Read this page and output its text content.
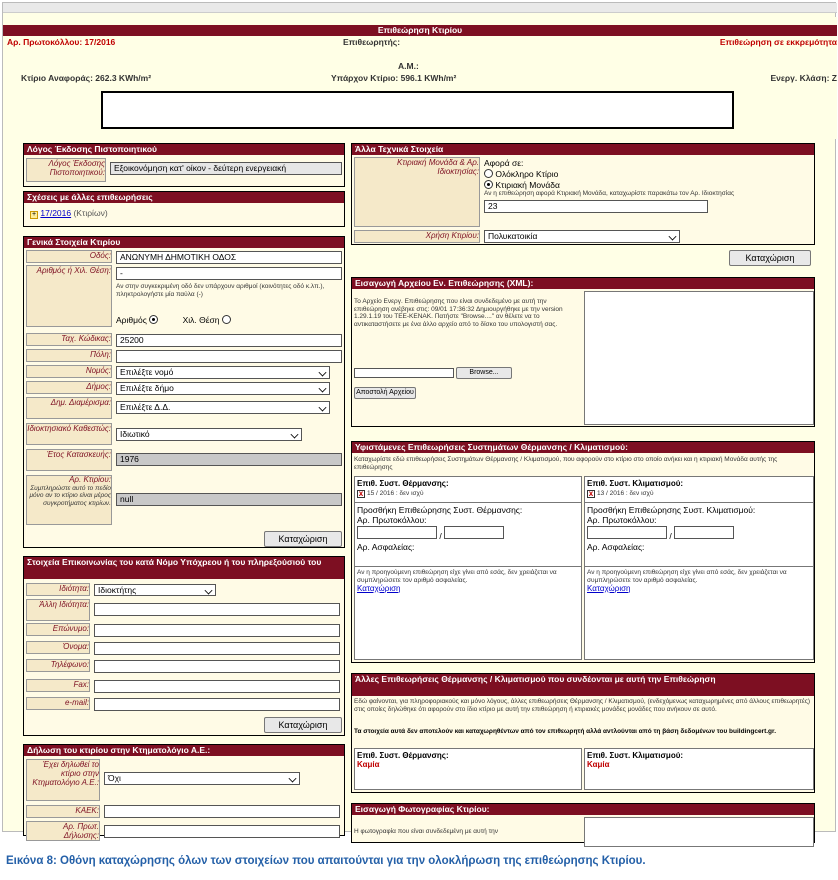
Επιθεώρηση Κτιρίου
Αρ. Πρωτοκόλλου: 17/2016	Επιθεωρητής:	Επιθεώρηση σε εκκρεμότητα
Α.Μ.:
Κτίριο Αναφοράς: 262.3 KWh/m²	Υπάρχον Κτίριο: 596.1 KWh/m²	Ενεργ. Κλάση: Ζ
Λόγος Έκδοσης Πιστοποιητικού
Λόγος Έκδοσης Πιστοποιητικού:	Εξοικονόμηση κατ' οίκον - δεύτερη ενεργειακή
Σχέσεις με άλλες επιθεωρήσεις
+ 17/2016 (Κτιρίων)
Γενικά Στοιχεία Κτιρίου
Οδός:	ΑΝΩΝΥΜΗ ΔΗΜΟΤΙΚΗ ΟΔΟΣ
Αριθμός ή Χιλ. Θέση:	-
Αν στην συγκεκριμένη οδό δεν υπάρχουν αριθμοί (κοινότητες οδό κ.λπ.), πληκτρολογήστε μία παύλα (-)
Αριθμός	Χιλ. Θέση
Ταχ. Κώδικας:	25200
Πόλη:
Νομός:	Επιλέξτε νομό
Δήμος:	Επιλέξτε δήμο
Δημ. Διαμέρισμα:	Επιλέξτε Δ.Δ.
Ιδιοκτησιακό Καθεστώς:
Ιδιωτικό
Έτος Κατασκευής:	1976
Αρ. Κτιρίου:
Συμπληρώστε αυτό το πεδίο μόνο αν το κτίριο είναι μέρος συγκροτήματος κτιρίων.	null
Καταχώριση
Στοιχεία Επικοινωνίας του κατά Νόμο Υπόχρεου ή του πληρεξούσιού του
Ιδιότητα:	Ιδιοκτήτης
Άλλη Ιδιότητα:
Επώνυμο:
Όνομα:
Τηλέφωνο:
Fax:
e-mail:
Καταχώριση
Δήλωση του κτιρίου στην Κτηματολόγιο Α.Ε.:
Έχει δηλωθεί το κτίριο στην Κτηματολόγιο Α.Ε.:	Όχι
ΚΑΕΚ:
Αρ. Πρωτ. Δήλωσης:
Άλλα Τεχνικά Στοιχεία
Κτιριακή Μονάδα & Αρ. Ιδιοκτησίας:
Αφορά σε:
Ολόκληρο Κτίριο
Κτιριακή Μονάδα
Αν η επιθεώρηση αφορά Κτιριακή Μονάδα, καταχωρίστε παρακάτω τον Αρ. Ιδιοκτησίας
23
Χρήση Κτιρίου:	Πολυκατοικία
Καταχώριση
Εισαγωγή Αρχείου Εν. Επιθεώρησης (XML):
Το Αρχείο Ενεργ. Επιθεώρησης που είναι συνδεδεμένο με αυτή την επιθεώρηση ανέβηκε στις: 09/01 17:36:32 Δημιουργήθηκε με την version 1.29.1.19 του ΤΕΕ-ΚΕΝΑΚ. Πατήστε "Browse...." αν θέλετε να το αντικαταστήσετε με ένα άλλο αρχείο από το δίσκο του υπολογιστή σας.
Browse...
Αποστολή Αρχείου
Υφιστάμενες Επιθεωρήσεις Συστημάτων Θέρμανσης / Κλιματισμού:
Καταχωρίστε εδώ επιθεωρήσεις Συστημάτων Θέρμανσης / Κλιματισμού, που αφορούν στο κτίριο στο οποίο ανήκει και η κτιριακή Μονάδα αυτής της επιθεώρησης
Επιθ. Συστ. Θέρμανσης:
x 15 / 2016 : δεν ισχύ
Προσθήκη Επιθεώρησης Συστ. Θέρμανσης:
Αρ. Πρωτοκόλλου:
/
Αρ. Ασφαλείας:
Αν η προηγούμενη επιθεώρηση είχε γίνει από εσάς, δεν χρειάζεται να συμπληρώσετε τον αριθμό ασφαλείας.
Καταχώριση
Επιθ. Συστ. Κλιματισμού:
x 13 / 2016 : δεν ισχύ
Προσθήκη Επιθεώρησης Συστ. Κλιματισμού:
Αρ. Πρωτοκόλλου:
/
Αρ. Ασφαλείας:
Αν η προηγούμενη επιθεώρηση είχε γίνει από εσάς, δεν χρειάζεται να συμπληρώσετε τον αριθμό ασφαλείας.
Καταχώριση
Άλλες Επιθεωρήσεις Θέρμανσης / Κλιματισμού που συνδέονται με αυτή την Επιθεώρηση
Εδώ φαίνονται, για πληροφοριακούς και μόνο λόγους, άλλες επιθεωρήσεις Θέρμανσης / Κλιματισμού, (ενδεχόμενως καταχωρημένες από άλλους επιθεωρητές) στις οποίες δηλώθηκε ότι αφορούν στο ίδιο κτίριο με αυτή την επιθεώρηση ή κτιριακές μονάδες μονάδες που ανήκουν σε αυτό.
Τα στοιχεία αυτά δεν αποτελούν και καταχωρηθέντων από τον επιθεωρητή αλλά αντλούνται από τη βάση δεδομένων του buildingcert.gr.
Επιθ. Συστ. Θέρμανσης:
Καμία
Επιθ. Συστ. Κλιματισμού:
Καμία
Εισαγωγή Φωτογραφίας Κτιρίου:
Η φωτογραφία που είναι συνδεδεμένη με αυτή την
Εικόνα 8: Οθόνη καταχώρησης όλων των στοιχείων που απαιτούνται για την ολοκλήρωση της επιθεώρησης Κτιρίου.
